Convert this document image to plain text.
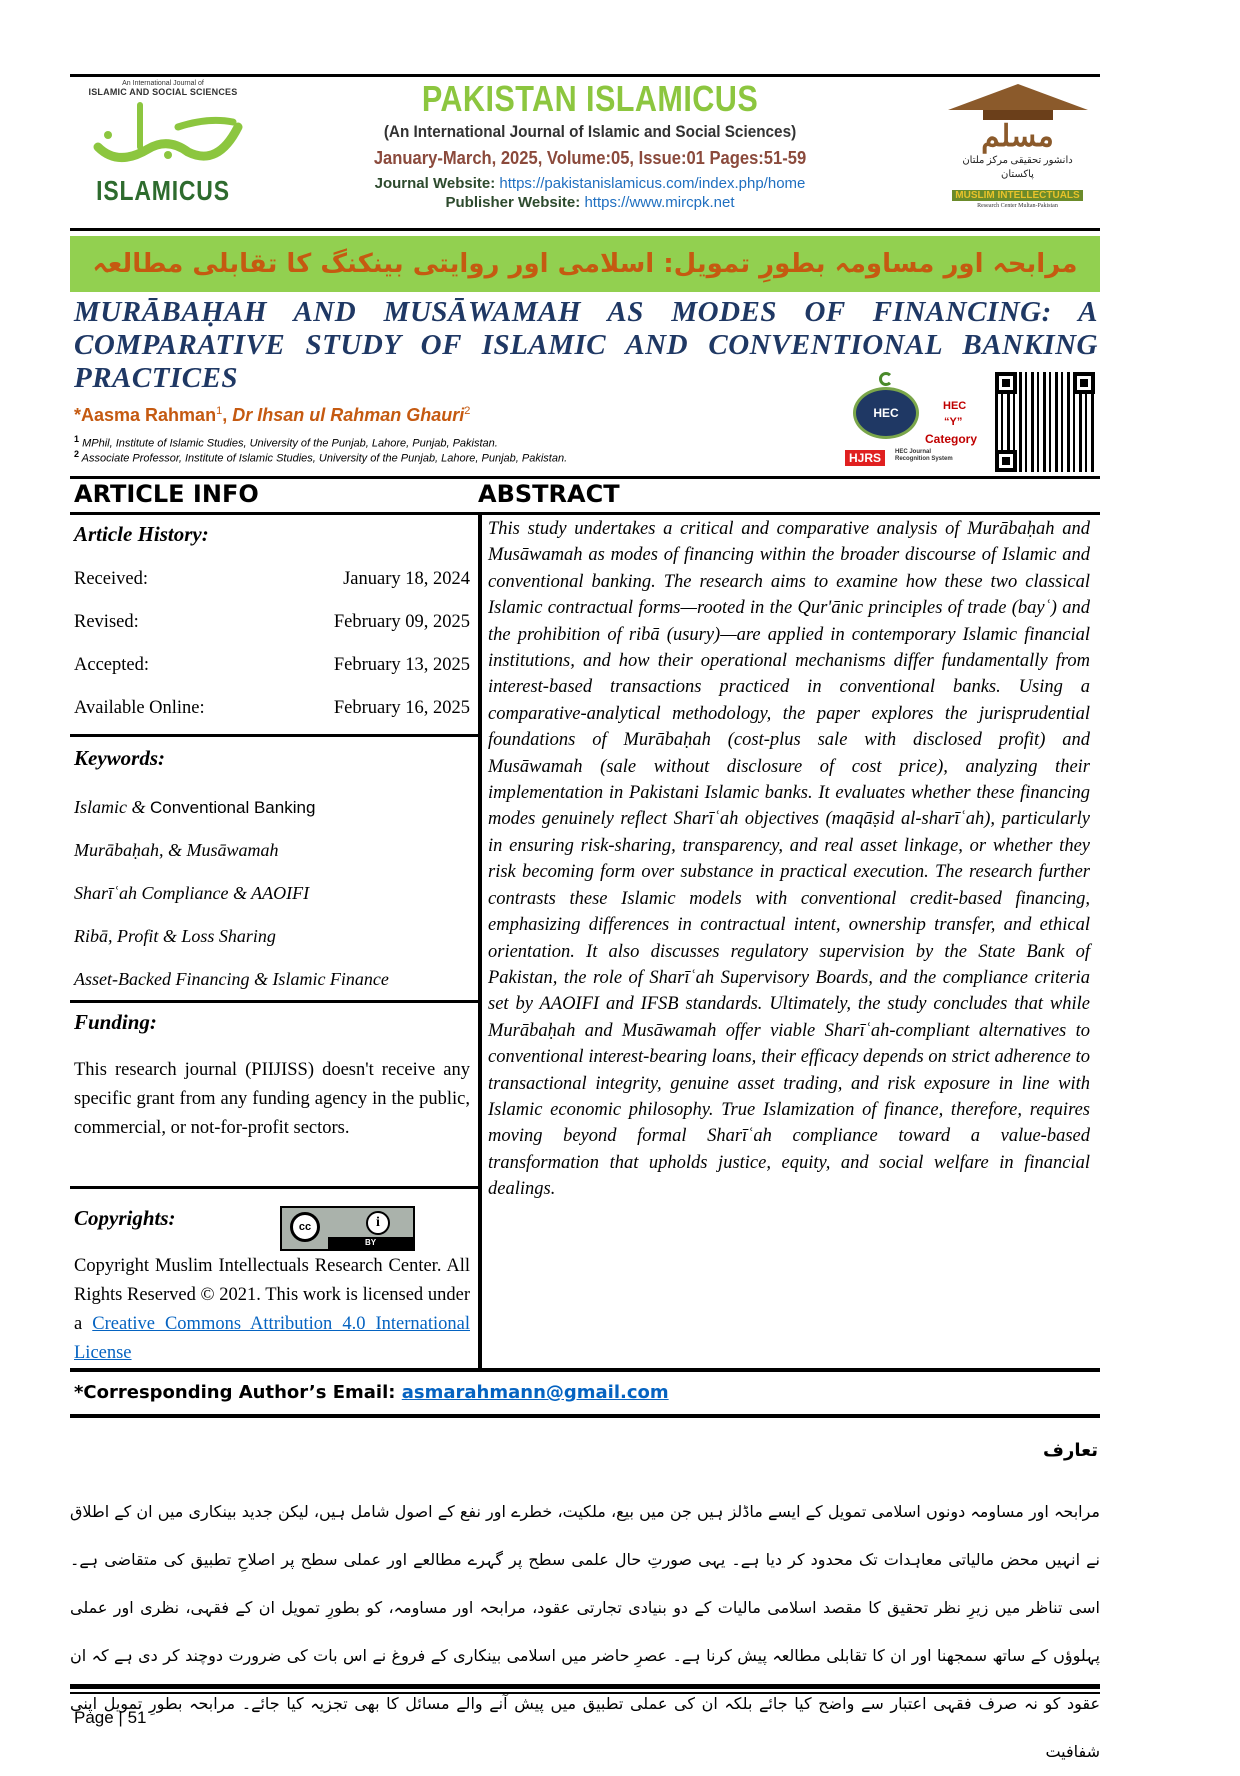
An International Journal of
ISLAMIC AND SOCIAL SCIENCES
ISLAMICUS
PAKISTAN ISLAMICUS
(An International Journal of Islamic and Social Sciences)
January-March, 2025, Volume:05, Issue:01 Pages:51-59
Journal Website: https://pakistanislamicus.com/index.php/home
Publisher Website: https://www.mircpk.net
مسلم
دانشور تحقیقی مرکز ملتان پاکستان
MUSLIM INTELLECTUALS
Research Center Multan-Pakistan
مرابحہ اور مساومہ بطورِ تمویل: اسلامی اور روایتی بینکنگ کا تقابلی مطالعہ
MURĀBAḤAH AND MUSĀWAMAH AS MODES OF FINANCING: A COMPARATIVE STUDY OF ISLAMIC AND CONVENTIONAL BANKING PRACTICES
*Aasma Rahman$^1$, Dr Ihsan ul Rahman Ghauri$^2$
$^1$ MPhil, Institute of Islamic Studies, University of the Punjab, Lahore, Punjab, Pakistan.
$^2$ Associate Professor, Institute of Islamic Studies, University of the Punjab, Lahore, Punjab, Pakistan.
HEC	HEC
“Y”
Category
HJRS	HEC Journal
Recognition System
ARTICLE INFO	ABSTRACT
Article History:
Received:	January 18, 2024
Revised:	February 09, 2025
Accepted:	February 13, 2025
Available Online:	February 16, 2025
Keywords:
Islamic & Conventional Banking
Murābaḥah, & Musāwamah
Sharīʿah Compliance & AAOIFI
Ribā, Profit & Loss Sharing
Asset-Backed Financing & Islamic Finance
Funding:
This research journal (PIIJISS) doesn't receive any specific grant from any funding agency in the public, commercial, or not-for-profit sectors.
Copyrights:	cc	i
BY
Copyright Muslim Intellectuals Research Center. All Rights Reserved © 2021. This work is licensed under a Creative Commons Attribution 4.0 International License
This study undertakes a critical and comparative analysis of Murābaḥah and Musāwamah as modes of financing within the broader discourse of Islamic and conventional banking. The research aims to examine how these two classical Islamic contractual forms—rooted in the Qur'ānic principles of trade (bayʿ) and the prohibition of ribā (usury)—are applied in contemporary Islamic financial institutions, and how their operational mechanisms differ fundamentally from interest-based transactions practiced in conventional banks. Using a comparative-analytical methodology, the paper explores the jurisprudential foundations of Murābaḥah (cost-plus sale with disclosed profit) and Musāwamah (sale without disclosure of cost price), analyzing their implementation in Pakistani Islamic banks. It evaluates whether these financing modes genuinely reflect Sharīʿah objectives (maqāṣid al-sharīʿah), particularly in ensuring risk-sharing, transparency, and real asset linkage, or whether they risk becoming form over substance in practical execution. The research further contrasts these Islamic models with conventional credit-based financing, emphasizing differences in contractual intent, ownership transfer, and ethical orientation. It also discusses regulatory supervision by the State Bank of Pakistan, the role of Sharīʿah Supervisory Boards, and the compliance criteria set by AAOIFI and IFSB standards. Ultimately, the study concludes that while Murābaḥah and Musāwamah offer viable Sharīʿah-compliant alternatives to conventional interest-bearing loans, their efficacy depends on strict adherence to transactional integrity, genuine asset trading, and risk exposure in line with Islamic economic philosophy. True Islamization of finance, therefore, requires moving beyond formal Sharīʿah compliance toward a value-based transformation that upholds justice, equity, and social welfare in financial dealings.
*Corresponding Author’s Email: asmarahmann@gmail.com
تعارف
مرابحہ اور مساومہ دونوں اسلامی تمویل کے ایسے ماڈلز ہیں جن میں بیع، ملکیت، خطرے اور نفع کے اصول شامل ہیں، لیکن جدید بینکاری میں ان کے اطلاق نے انہیں محض مالیاتی معاہدات تک محدود کر دیا ہے۔ یہی صورتِ حال علمی سطح پر گہرے مطالعے اور عملی سطح پر اصلاحِ تطبیق کی متقاضی ہے۔ اسی تناظر میں زیرِ نظر تحقیق کا مقصد اسلامی مالیات کے دو بنیادی تجارتی عقود، مرابحہ اور مساومہ، کو بطورِ تمویل ان کے فقہی، نظری اور عملی پہلوؤں کے ساتھ سمجھنا اور ان کا تقابلی مطالعہ پیش کرنا ہے۔ عصرِ حاضر میں اسلامی بینکاری کے فروغ نے اس بات کی ضرورت دوچند کر دی ہے کہ ان عقود کو نہ صرف فقہی اعتبار سے واضح کیا جائے بلکہ ان کی عملی تطبیق میں پیش آنے والے مسائل کا بھی تجزیہ کیا جائے۔ مرابحہ بطورِ تمویل اپنی شفافیت
Page | 51
